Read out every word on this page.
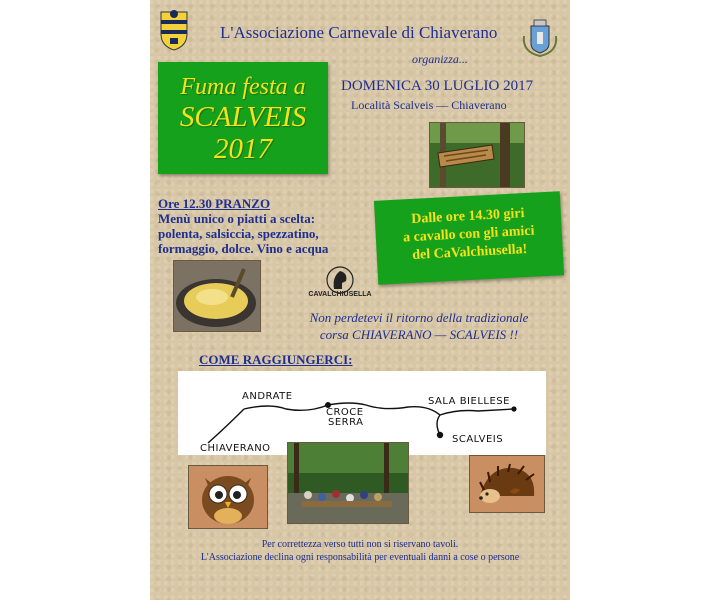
L'Associazione Carnevale di Chiaverano
organizza...
Fuma festa a
SCALVEIS
2017
DOMENICA 30 LUGLIO 2017
Località Scalveis — Chiaverano
Ore 12.30 PRANZO
Menù unico o piatti a scelta:
polenta, salsiccia, spezzatino,
formaggio, dolce. Vino e acqua
Dalle ore 14.30 giri
a cavallo con gli amici
del CaValchiusella!
CAVALCHIUSELLA
Non perdetevi il ritorno della tradizionale
corsa CHIAVERANO — SCALVEIS !!
COME RAGGIUNGERCI:
ANDRATE
CROCE
SERRA
SALA BIELLESE
CHIAVERANO
SCALVEIS
Per correttezza verso tutti non si riservano tavoli.
L'Associazione declina ogni responsabilità per eventuali danni a cose o persone
